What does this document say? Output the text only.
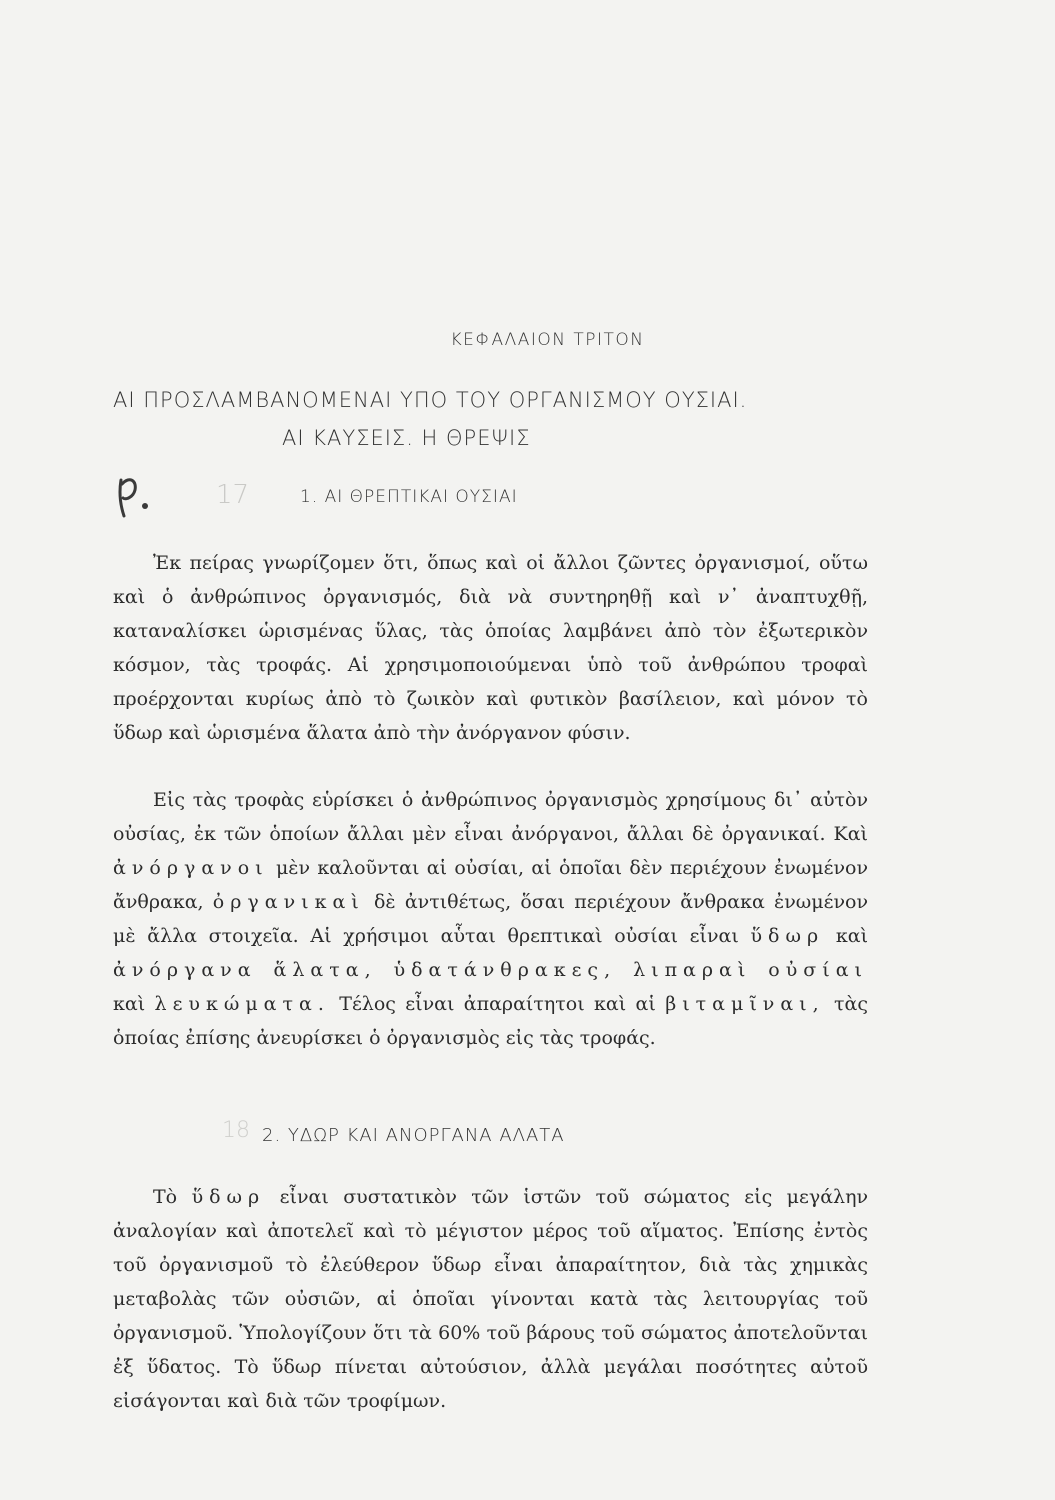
ΚΕΦΑΛΑΙΟΝ ΤΡΙΤΟΝ
ΑΙ ΠΡΟΣΛΑΜΒΑΝΟΜΕΝΑΙ ΥΠΟ ΤΟΥ ΟΡΓΑΝΙΣΜΟΥ ΟΥΣΙΑΙ.
ΑΙ ΚΑΥΣΕΙΣ. Η ΘΡΕΨΙΣ
17	1. ΑΙ ΘΡΕΠΤΙΚΑΙ ΟΥΣΙΑΙ

Ἐκ πείρας γνωρίζομεν ὅτι, ὅπως καὶ οἱ ἄλλοι ζῶντες ὀργανισμοί, οὕτω καὶ ὁ ἀνθρώπινος ὀργανισμός, διὰ νὰ συντηρηθῇ καὶ ν᾿ ἀναπτυχθῇ, καταναλίσκει ὡρισμένας ὕλας, τὰς ὁποίας λαμβάνει ἀπὸ τὸν ἐξωτερικὸν κόσμον, τὰς τροφάς. Αἱ χρησιμοποιούμεναι ὑπὸ τοῦ ἀνθρώπου τροφαὶ προέρχονται κυρίως ἀπὸ τὸ ζωικὸν καὶ φυτικὸν βασίλειον, καὶ μόνον τὸ ὕδωρ καὶ ὡρισμένα ἅλατα ἀπὸ τὴν ἀνόργανον φύσιν.

Εἰς τὰς τροφὰς εὑρίσκει ὁ ἀνθρώπινος ὀργανισμὸς χρησίμους δι᾿ αὐτὸν οὐσίας, ἐκ τῶν ὁποίων ἄλλαι μὲν εἶναι ἀνόργανοι, ἄλλαι δὲ ὀργανικαί. Καὶ ἀνόργανοι μὲν καλοῦνται αἱ οὐσίαι, αἱ ὁποῖαι δὲν περιέχουν ἐνωμένον ἄνθρακα, ὀργανικαὶ δὲ ἀντιθέτως, ὅσαι περιέχουν ἄνθρακα ἐνωμένον μὲ ἄλλα στοιχεῖα. Αἱ χρήσιμοι αὗται θρεπτικαὶ οὐσίαι εἶναι ὕδωρ καὶ ἀνόργανα ἅλατα, ὑδατάνθρακες, λιπαραὶ οὐσίαι καὶ λευκώματα. Τέλος εἶναι ἀπαραίτητοι καὶ αἱ βιταμῖναι, τὰς ὁποίας ἐπίσης ἀνευρίσκει ὁ ὀργανισμὸς εἰς τὰς τροφάς.

18 2. ΥΔΩΡ ΚΑΙ ΑΝΟΡΓΑΝΑ ΑΛΑΤΑ

Τὸ ὕδωρ εἶναι συστατικὸν τῶν ἱστῶν τοῦ σώματος εἰς μεγάλην ἀναλογίαν καὶ ἀποτελεῖ καὶ τὸ μέγιστον μέρος τοῦ αἵματος. Ἐπίσης ἐντὸς τοῦ ὀργανισμοῦ τὸ ἐλεύθερον ὕδωρ εἶναι ἀπαραίτητον, διὰ τὰς χημικὰς μεταβολὰς τῶν οὐσιῶν, αἱ ὁποῖαι γίνονται κατὰ τὰς λειτουργίας τοῦ ὀργανισμοῦ. Ὑπολογίζουν ὅτι τὰ 60% τοῦ βάρους τοῦ σώματος ἀποτελοῦνται ἐξ ὕδατος. Τὸ ὕδωρ πίνεται αὐτούσιον, ἀλλὰ μεγάλαι ποσότητες αὐτοῦ εἰσάγονται καὶ διὰ τῶν τροφίμων.
